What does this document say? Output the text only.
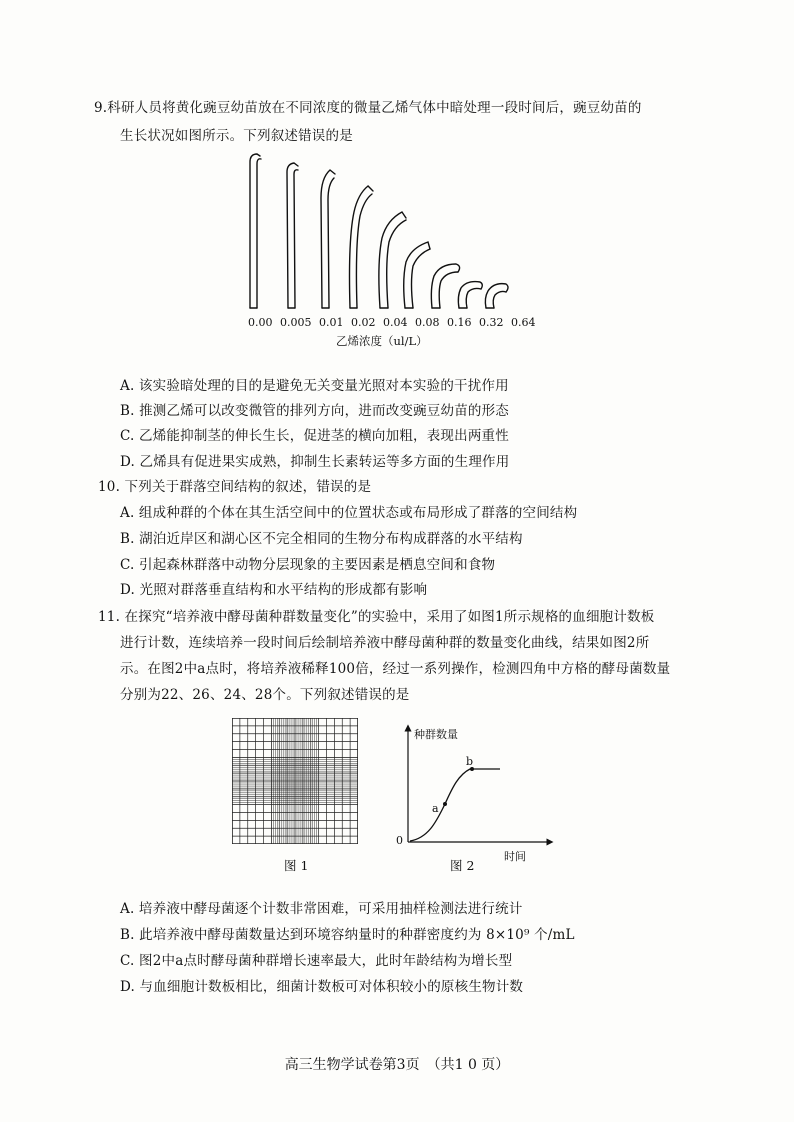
9.科研人员将黄化豌豆幼苗放在不同浓度的微量乙烯气体中暗处理一段时间后，豌豆幼苗的
生长状况如图所示。下列叙述错误的是
0.00 0.005 0.01 0.02 0.04 0.08 0.16 0.32 0.64
乙烯浓度（ul/L）
A. 该实验暗处理的目的是避免无关变量光照对本实验的干扰作用
B. 推测乙烯可以改变微管的排列方向，进而改变豌豆幼苗的形态
C. 乙烯能抑制茎的伸长生长，促进茎的横向加粗，表现出两重性
D. 乙烯具有促进果实成熟，抑制生长素转运等多方面的生理作用
10. 下列关于群落空间结构的叙述，错误的是
A. 组成种群的个体在其生活空间中的位置状态或布局形成了群落的空间结构
B. 湖泊近岸区和湖心区不完全相同的生物分布构成群落的水平结构
C. 引起森林群落中动物分层现象的主要因素是栖息空间和食物
D. 光照对群落垂直结构和水平结构的形成都有影响
11. 在探究“培养液中酵母菌种群数量变化”的实验中，采用了如图1所示规格的血细胞计数板
进行计数，连续培养一段时间后绘制培养液中酵母菌种群的数量变化曲线，结果如图2所
示。在图2中a点时，将培养液稀释100倍，经过一系列操作，检测四角中方格的酵母菌数量
分别为22、26、24、28个。下列叙述错误的是
图 1
种群数量
0
a
b
时间
图 2
A. 培养液中酵母菌逐个计数非常困难，可采用抽样检测法进行统计
B. 此培养液中酵母菌数量达到环境容纳量时的种群密度约为 8×10⁹ 个/mL
C. 图2中a点时酵母菌种群增长速率最大，此时年龄结构为增长型
D. 与血细胞计数板相比，细菌计数板可对体积较小的原核生物计数
高三生物学试卷第3页　（共1 0 页）
